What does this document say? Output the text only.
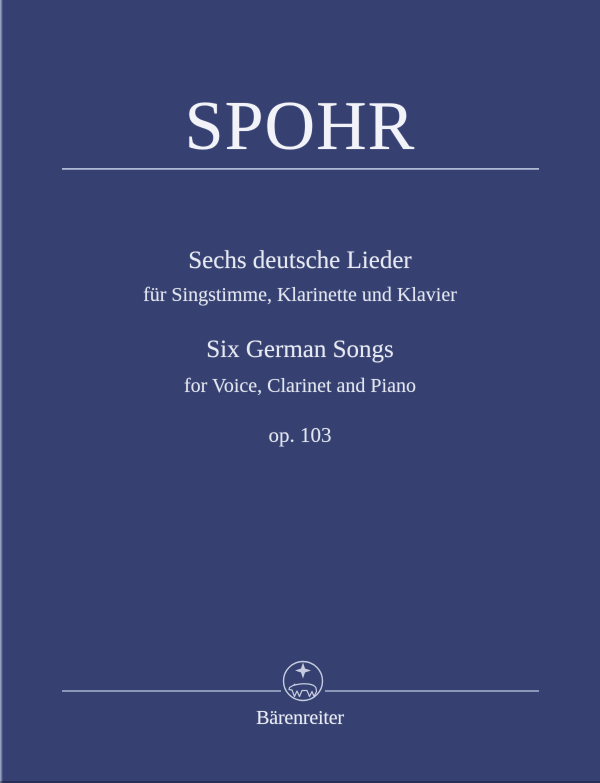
SPOHR
Sechs deutsche Lieder
für Singstimme, Klarinette und Klavier
Six German Songs
for Voice, Clarinet and Piano
op. 103
Bärenreiter
